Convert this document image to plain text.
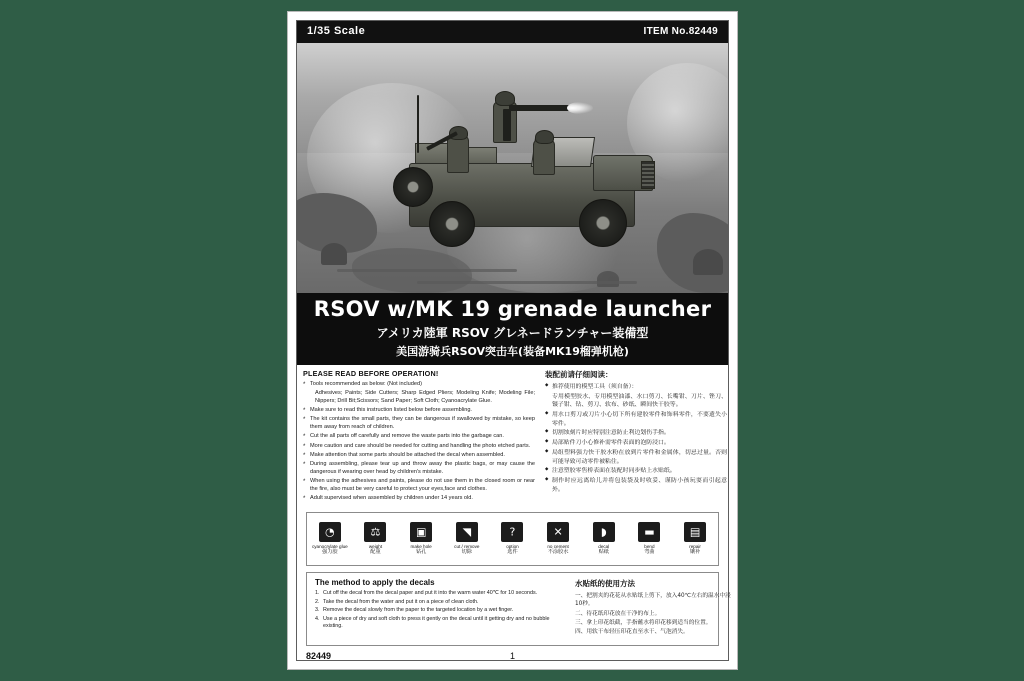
1/35 Scale	ITEM No.82449
RSOV w/MK 19 grenade launcher
アメリカ陸軍 RSOV グレネードランチャー装備型
美国游骑兵RSOV突击车(装备MK19榴弹机枪)
PLEASE READ BEFORE OPERATION!
* Tools recommended as below: (Not included)
Adhesives; Paints; Side Cutters; Sharp Edged Pliers; Modeling Knife; Modeling File; Nippers; Drill Bit;Scissors; Sand Paper; Soft Cloth; Cyanoacrylate Glue.
* Make sure to read this instruction listed below before assembling.
* The kit contains the small parts, they can be dangerous if swallowed by mistake, so keep them away from reach of children.
* Cut the all parts off carefully and remove the waste parts into the garbage can.
* More caution and care should be needed for cutting and handling the photo etched parts.
* Make attention that some parts should be attached the decal when assembled.
* During assembling, please tear up and throw away the plastic bags, or may cause the dangerous if wearing over head by children's mistake.
* When using the adhesives and paints, please do not use them in the closed room or near the fire, also must be very careful to protect your eyes,face and clothes.
* Adult supervised when assembled by children under 14 years old.
装配前请仔细阅读：
◆ 推荐使用的模型工具（须自备）：
专用模型胶水、专用模型油漆、水口剪刀、长嘴钳、刀片、锉刀、镊子钳、钻、剪刀、软布、砂纸、瞬间快干胶等。
◆ 用水口剪刀或刀片小心切下所有建胶零件和饰料零件，不要遗失小零件。
◆ 切割蚀刻片时应特别注意防止利边划伤手指。
◆ 局部贴件刀小心修补需零件表面的泡防浸口。
◆ 局组塑料强力快干胶水粉在放到片零件和金属体，切忌过量。否则可能导致可动零件被粘住。
◆ 注意塑胶零售桥表面在装配时同步贴上水贴纸。
◆ 制作时应远离给儿并将包装袋及时收妥、谨防小孩玩耍而引起意外。
◔
cyanocrylate glue
强力胶
⚖
weight
配重
▣
make hole
钻孔
◥
cut / remove
切除
?
option
选件
✕
no cement
不涂胶水
◗
decal
贴纸
▬
bend
弯曲
▤
repair
镶补
The method to apply the decals
Cut off the decal from the decal paper and put it into the warm water 40℃ for 10 seconds.
Take the decal from the water and put it on a piece of clean cloth.
Remove the decal slowly from the paper to the targeted location by a wet finger.
Use a piece of dry and soft cloth to press it gently on the decal until it getting dry and no bubble existing.
水贴纸的使用方法
一、把割夹的花花从水贴纸上剪下，放入40℃左右的温水中浸10秒。
二、待花纸印花放在干净的布上。
三、拿上印花纸截，手指蘸水将印花移到适当的位置。
四、用软干布轻压印花直至水干、气泡消失。
82449	1
